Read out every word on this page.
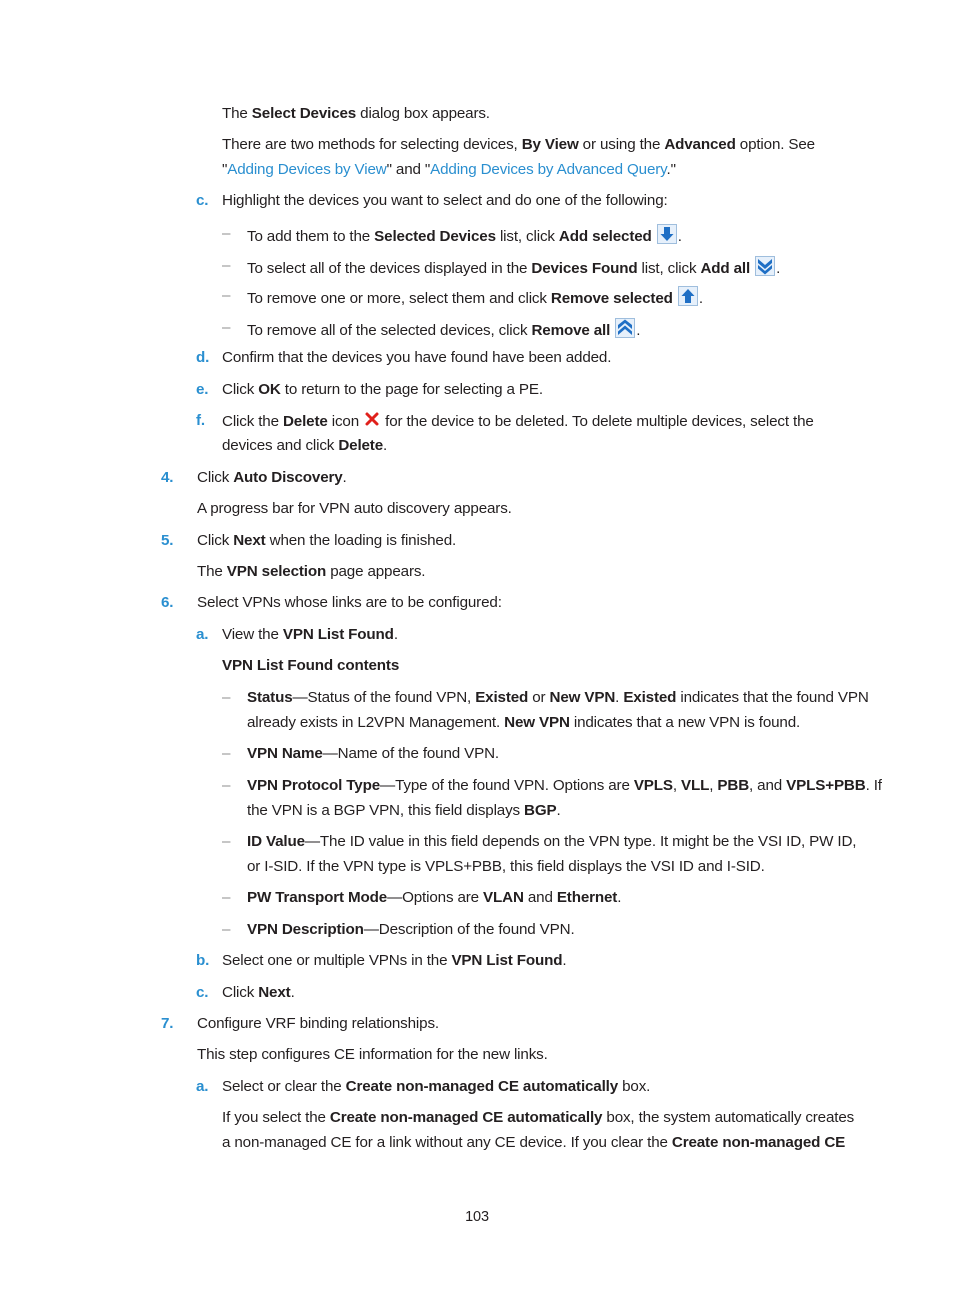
The Select Devices dialog box appears.
There are two methods for selecting devices, By View or using the Advanced option. See
"Adding Devices by View" and "Adding Devices by Advanced Query."
c. Highlight the devices you want to select and do one of the following:
– To add them to the Selected Devices list, click Add selected .
– To select all of the devices displayed in the Devices Found list, click Add all .
– To remove one or more, select them and click Remove selected .
– To remove all of the selected devices, click Remove all .
d. Confirm that the devices you have found have been added.
e. Click OK to return to the page for selecting a PE.
f. Click the Delete icon  for the device to be deleted. To delete multiple devices, select the
devices and click Delete.
4. Click Auto Discovery.
A progress bar for VPN auto discovery appears.
5. Click Next when the loading is finished.
The VPN selection page appears.
6. Select VPNs whose links are to be configured:
a. View the VPN List Found.
VPN List Found contents
– Status—Status of the found VPN, Existed or New VPN. Existed indicates that the found VPN
already exists in L2VPN Management. New VPN indicates that a new VPN is found.
– VPN Name—Name of the found VPN.
– VPN Protocol Type—Type of the found VPN. Options are VPLS, VLL, PBB, and VPLS+PBB. If
the VPN is a BGP VPN, this field displays BGP.
– ID Value—The ID value in this field depends on the VPN type. It might be the VSI ID, PW ID,
or I-SID. If the VPN type is VPLS+PBB, this field displays the VSI ID and I-SID.
– PW Transport Mode—Options are VLAN and Ethernet.
– VPN Description—Description of the found VPN.
b. Select one or multiple VPNs in the VPN List Found.
c. Click Next.
7. Configure VRF binding relationships.
This step configures CE information for the new links.
a. Select or clear the Create non-managed CE automatically box.
If you select the Create non-managed CE automatically box, the system automatically creates
a non-managed CE for a link without any CE device. If you clear the Create non-managed CE
103
